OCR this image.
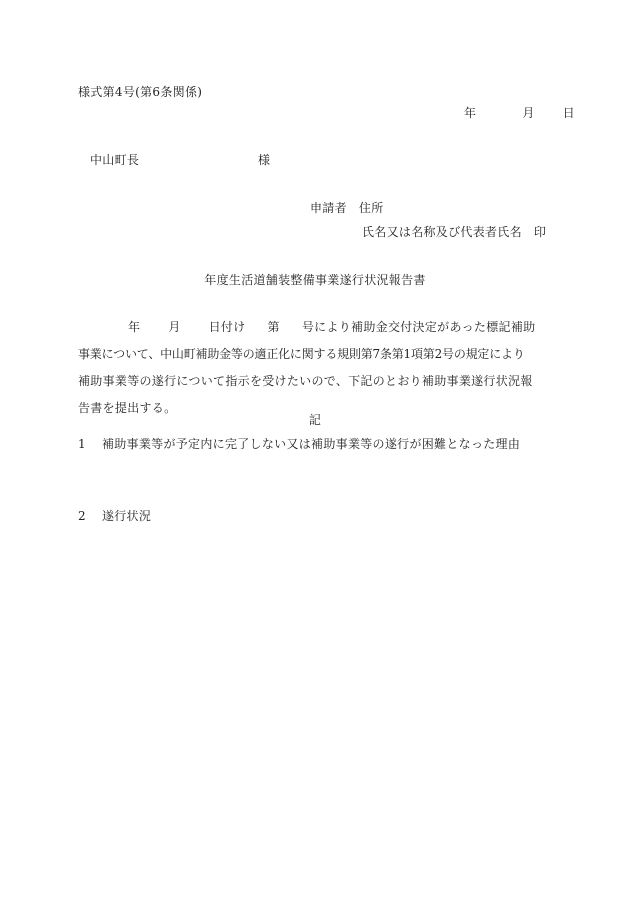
様式第4号(第6条関係)
年	月 日
中山町長	様
申請者 住所
氏名又は名称及び代表者氏名 印
年度生活道舗装整備事業遂行状況報告書
年 月 日付け 第 号により補助金交付決定があった標記補助
事業について、中山町補助金等の適正化に関する規則第7条第1項第2号の規定により
補助事業等の遂行について指示を受けたいので、下記のとおり補助事業遂行状況報
告書を提出する。
記
1 補助事業等が予定内に完了しない又は補助事業等の遂行が困難となった理由
2 遂行状況
